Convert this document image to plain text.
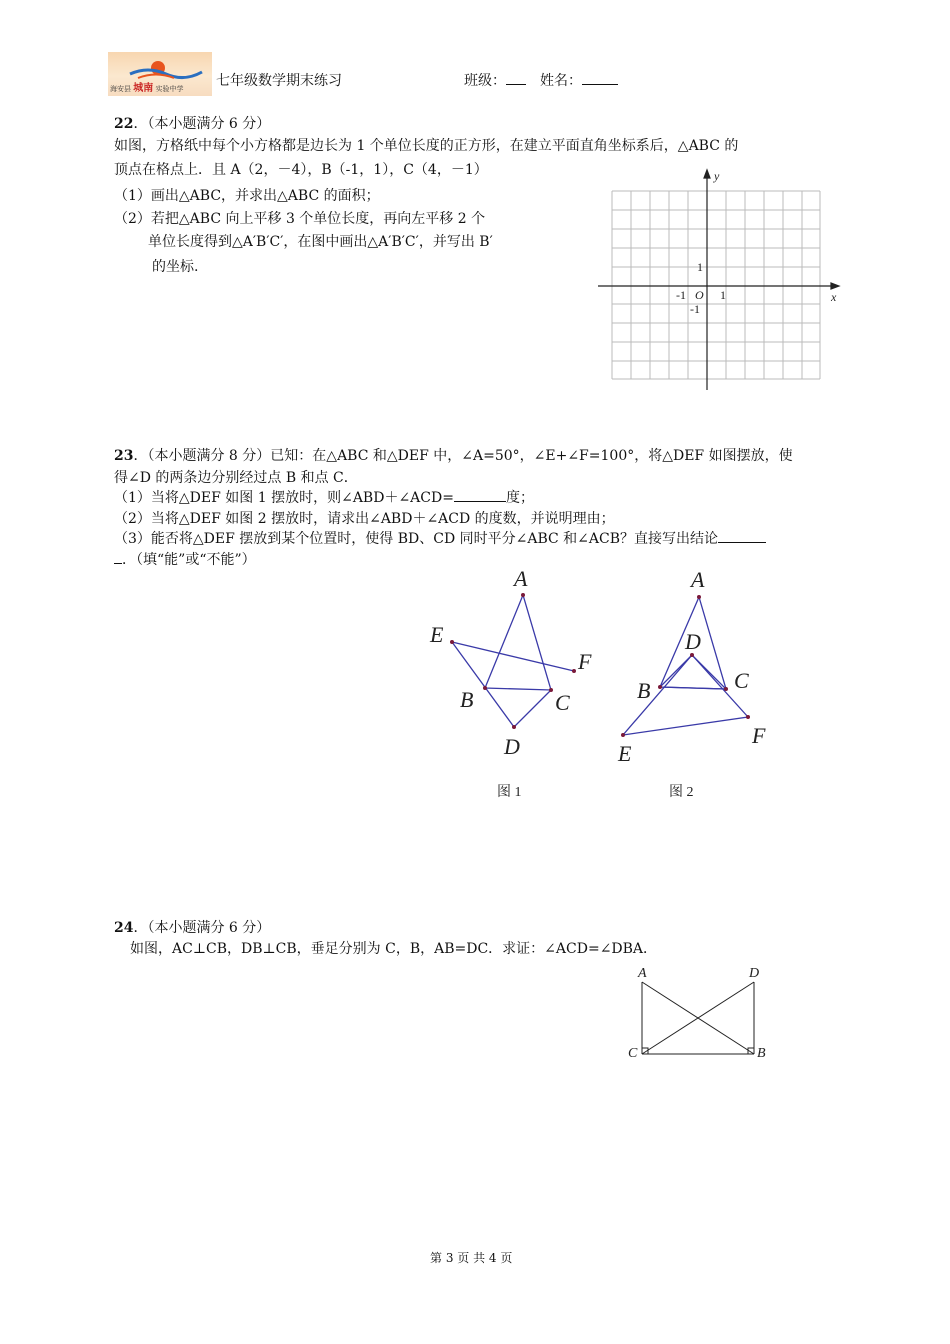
海安县 城南 实验中学 七年级数学期末练习	班级：	姓名：
22．（本小题满分 6 分）
如图，方格纸中每个小方格都是边长为 1 个单位长度的正方形，在建立平面直角坐标系后，△ABC 的
顶点在格点上．且 A（2，－4），B（-1，1），C（4，－1）
（1）画出△ABC，并求出△ABC 的面积；
（2）若把△ABC 向上平移 3 个单位长度，再向左平移 2 个
单位长度得到△A′B′C′，在图中画出△A′B′C′，并写出 B′
的坐标.
y
x
1
O
-1	1
-1
23．（本小题满分 8 分）已知：在△ABC 和△DEF 中，∠A=50°，∠E+∠F=100°，将△DEF 如图摆放，使
得∠D 的两条边分别经过点 B 和点 C．
（1）当将△DEF 如图 1 摆放时，则∠ABD＋∠ACD=	度；
（2）当将△DEF 如图 2 摆放时，请求出∠ABD＋∠ACD 的度数，并说明理由；
（3）能否将△DEF 摆放到某个位置时，使得 BD、CD 同时平分∠ABC 和∠ACB？直接写出结论
．（填“能”或“不能”）
A
E
F
B	C
D
A
D
B	C
E
F
图 1	图 2
24．（本小题满分 6 分）
如图，AC⊥CB，DB⊥CB，垂足分别为 C，B，AB=DC．求证：∠ACD=∠DBA．
A	D
C	B
第 3 页 共 4 页
